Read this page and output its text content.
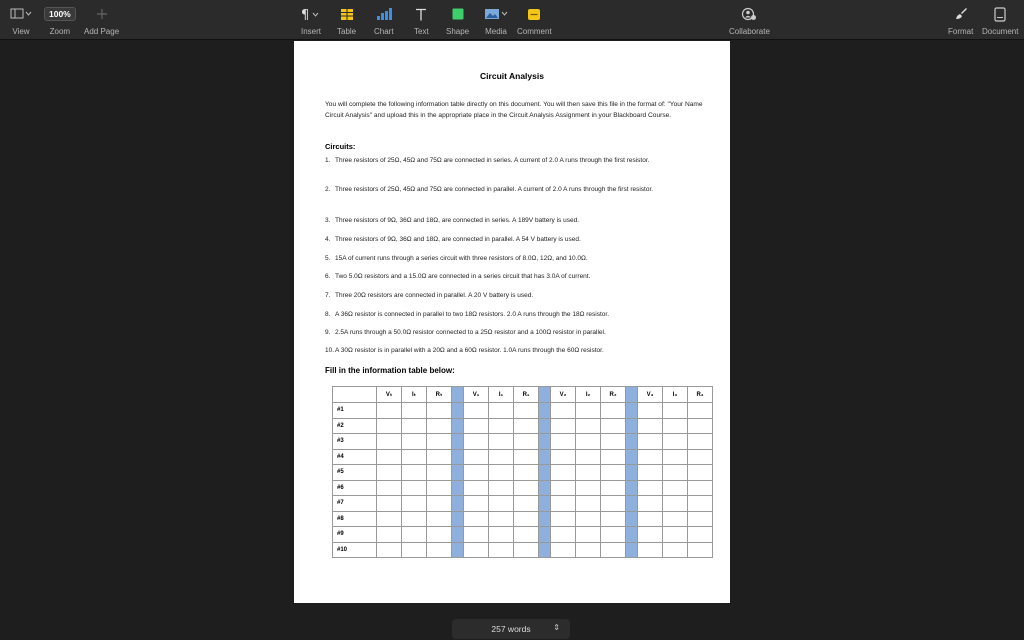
View
100%
Zoom Add Page
¶
Insert Table Chart	Text Shape Media Comment	Collaborate	Format Document
Circuit Analysis
You will complete the following information table directly on this document. You will then save this file in the format of: "Your Name Circuit Analysis" and upload this in the appropriate place in the Circuit Analysis Assignment in your Blackboard Course.
Circuits:
1. Three resistors of 25Ω, 45Ω and 75Ω are connected in series. A current of 2.0 A runs through the first resistor.
2. Three resistors of 25Ω, 45Ω and 75Ω are connected in parallel. A current of 2.0 A runs through the first resistor.
3. Three resistors of 9Ω, 36Ω and 18Ω, are connected in series. A 189V battery is used.
4. Three resistors of 9Ω, 36Ω and 18Ω, are connected in parallel. A 54 V battery is used.
5. 15A of current runs through a series circuit with three resistors of 8.0Ω, 12Ω, and 10.0Ω.
6. Two 5.0Ω resistors and a 15.0Ω are connected in a series circuit that has 3.0A of current.
7. Three 20Ω resistors are connected in parallel. A 20 V battery is used.
8. A 36Ω resistor is connected in parallel to two 18Ω resistors. 2.0 A runs through the 18Ω resistor.
9. 2.5A runs through a 50.0Ω resistor connected to a 25Ω resistor and a 100Ω resistor in parallel.
10. A 30Ω resistor is in parallel with a 20Ω and a 60Ω resistor. 1.0A runs through the 60Ω resistor.
Fill in the information table below:
	Vₜ	Iₜ	Rₜ		V₁	I₁	R₁		V₂	I₂	R₂		V₃	I₃	R₃
#1															
#2															
#3															
#4															
#5															
#6															
#7															
#8															
#9															
#10															
257 words	⇕
